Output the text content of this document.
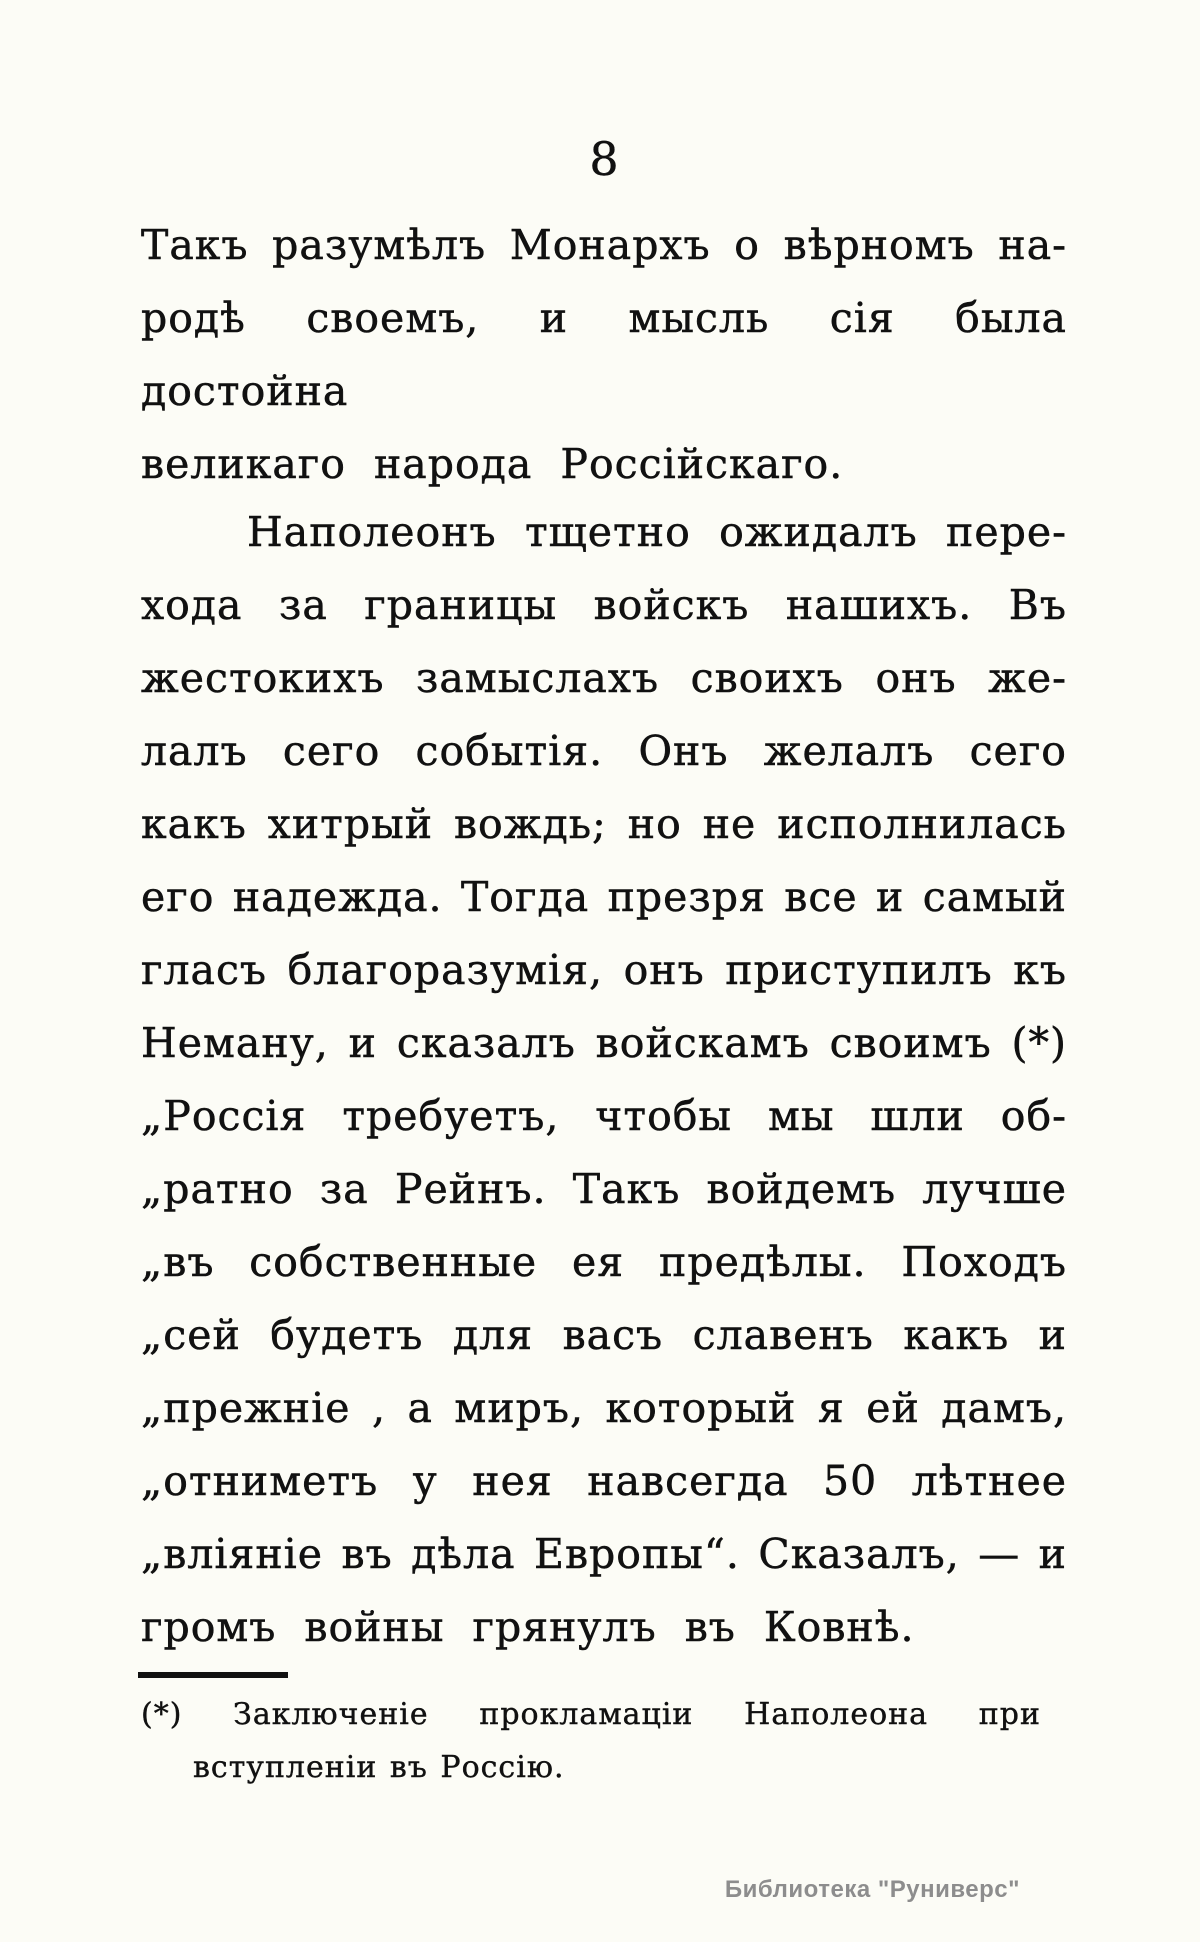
8
Такъ разумѣлъ Монархъ о вѣрномъ на-
родѣ своемъ, и мысль сія была достойна
великаго народа Россійскаго.
Наполеонъ тщетно ожидалъ пере-
хода за границы войскъ нашихъ. Въ
жестокихъ замыслахъ своихъ онъ же-
лалъ сего событія. Онъ желалъ сего
какъ хитрый вождь; но не исполнилась
его надежда. Тогда презря все и самый
гласъ благоразумія, онъ приступилъ къ
Неману, и сказалъ войскамъ своимъ (*)
„Россія требуетъ, чтобы мы шли об-
„ратно за Рейнъ. Такъ войдемъ лучше
„въ собственные ея предѣлы. Походъ
„сей будетъ для васъ славенъ какъ и
„прежніе , а миръ, который я ей дамъ,
„отниметъ у нея навсегда 50 лѣтнее
„вліяніе въ дѣла Европы“. Сказалъ, — и
громъ войны грянулъ въ Ковнѣ.
(*) Заключеніе прокламаціи Наполеона при
вступленіи въ Россію.
Библиотека "Руниверс"
